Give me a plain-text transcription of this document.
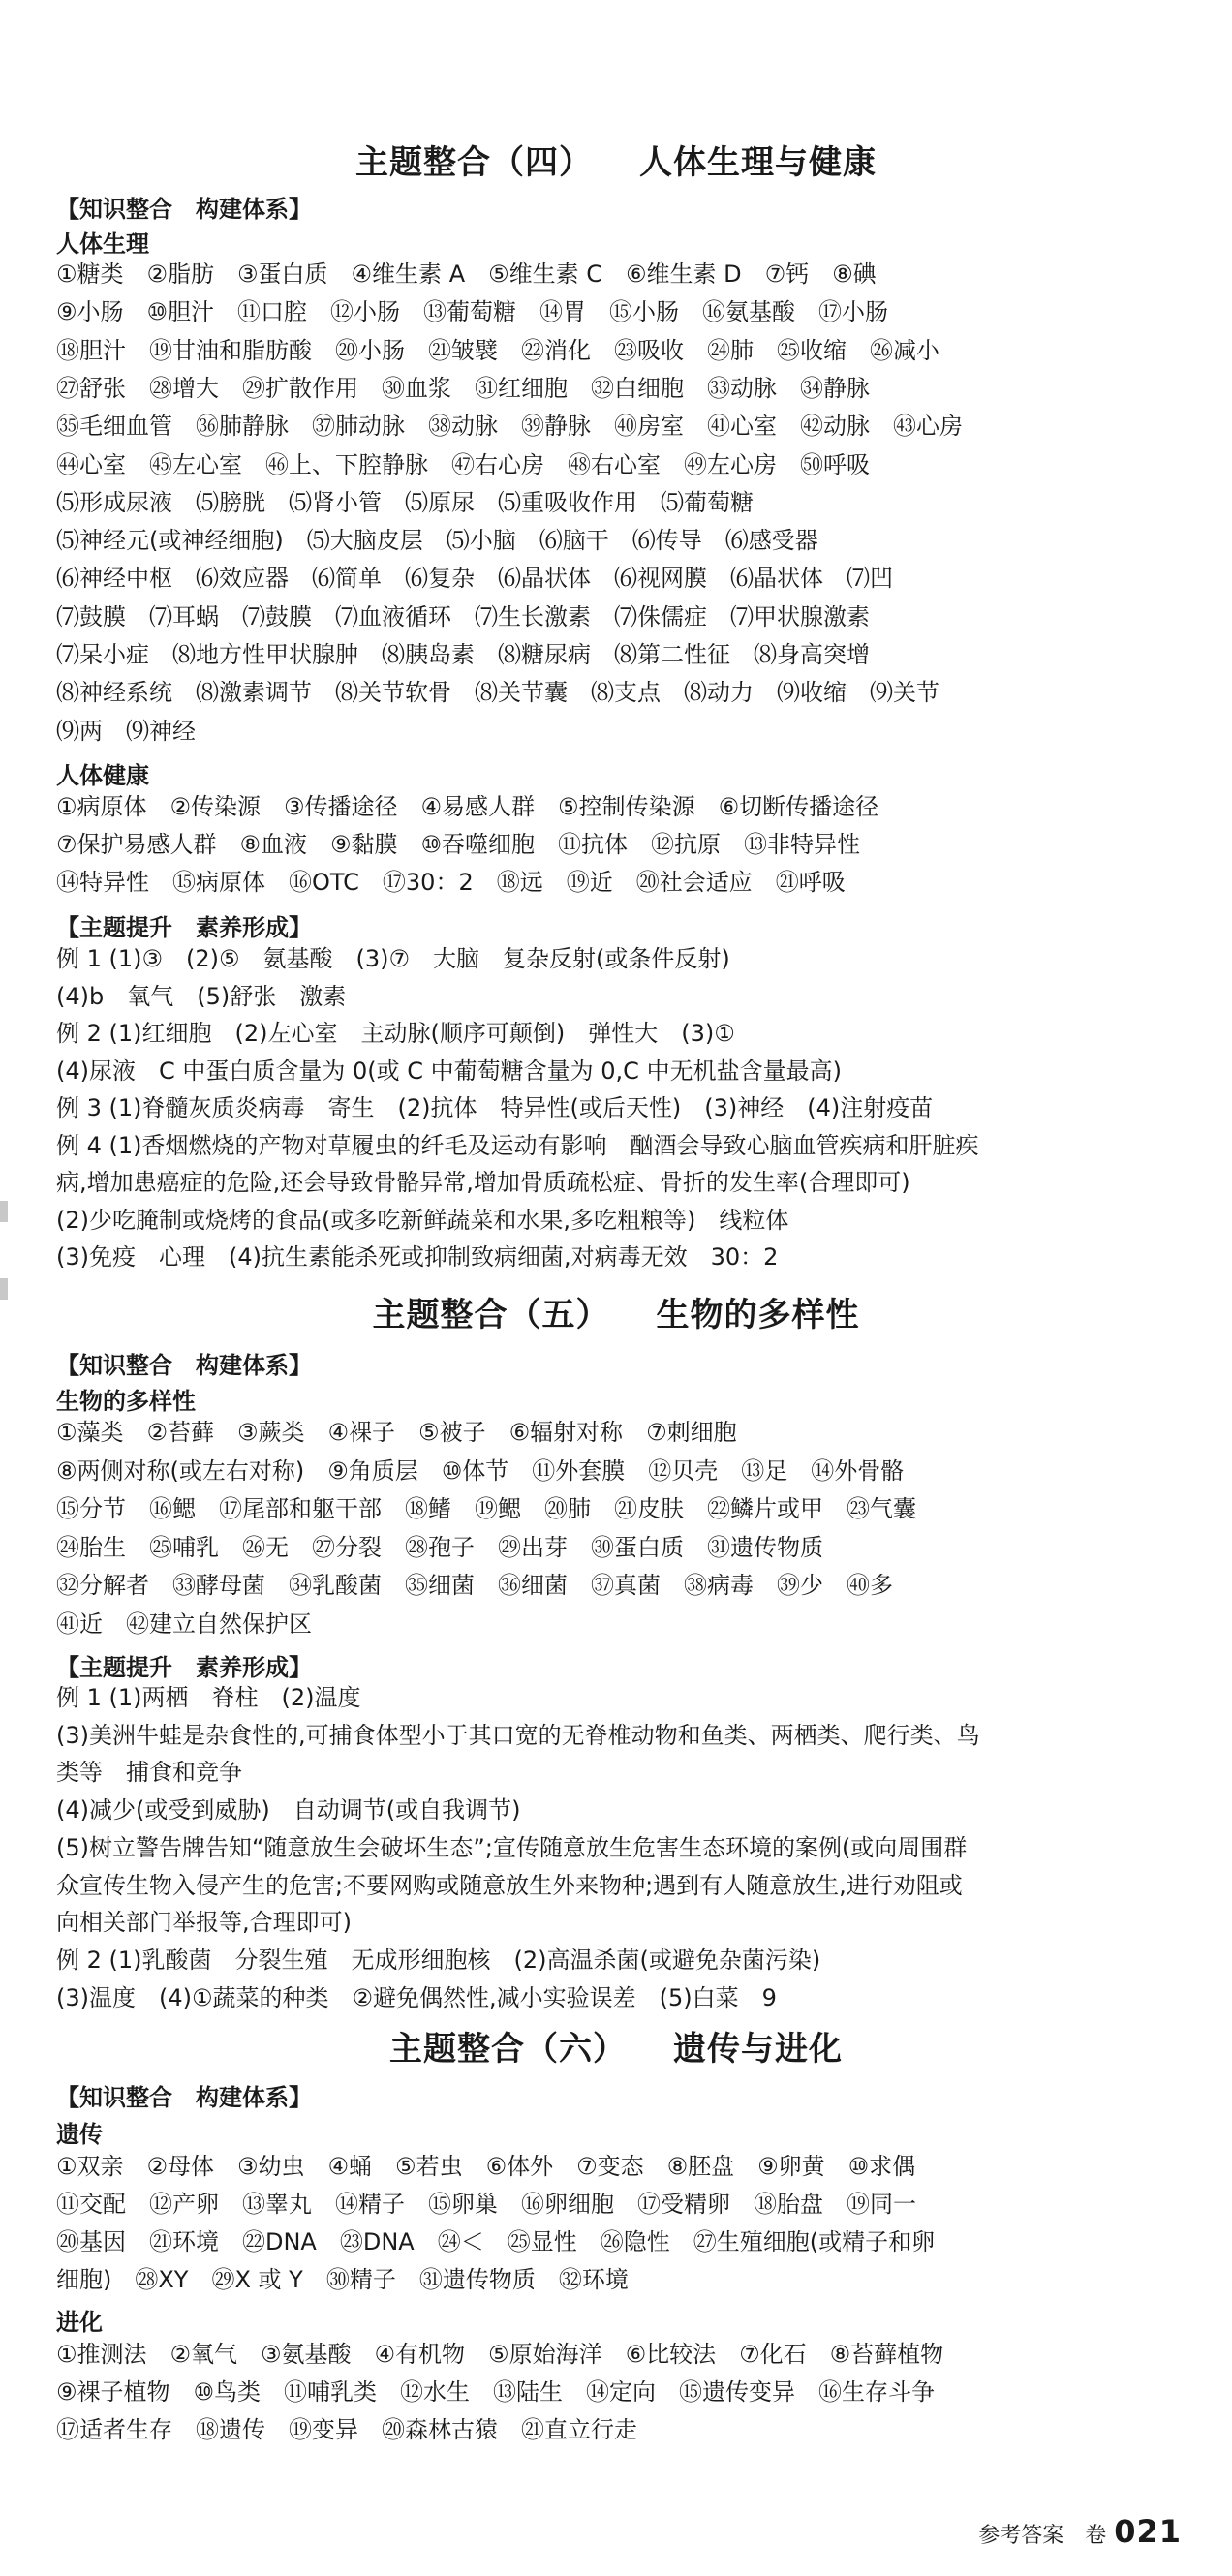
主题整合（四） 人体生理与健康
【知识整合　构建体系】
人体生理
①糖类　②脂肪　③蛋白质　④维生素 A　⑤维生素 C　⑥维生素 D　⑦钙　⑧碘
⑨小肠　⑩胆汁　⑪口腔　⑫小肠　⑬葡萄糖　⑭胃　⑮小肠　⑯氨基酸　⑰小肠
⑱胆汁　⑲甘油和脂肪酸　⑳小肠　㉑皱襞　㉒消化　㉓吸收　㉔肺　㉕收缩　㉖减小
㉗舒张　㉘增大　㉙扩散作用　㉚血浆　㉛红细胞　㉜白细胞　㉝动脉　㉞静脉
㉟毛细血管　㊱肺静脉　㊲肺动脉　㊳动脉　㊴静脉　㊵房室　㊶心室　㊷动脉　㊸心房
㊹心室　㊺左心室　㊻上、下腔静脉　㊼右心房　㊽右心室　㊾左心房　㊿呼吸
⑸形成尿液　⑸膀胱　⑸肾小管　⑸原尿　⑸重吸收作用　⑸葡萄糖
⑸神经元(或神经细胞)　⑸大脑皮层　⑸小脑　⑹脑干　⑹传导　⑹感受器
⑹神经中枢　⑹效应器　⑹简单　⑹复杂　⑹晶状体　⑹视网膜　⑹晶状体　⑺凹
⑺鼓膜　⑺耳蜗　⑺鼓膜　⑺血液循环　⑺生长激素　⑺侏儒症　⑺甲状腺激素
⑺呆小症　⑻地方性甲状腺肿　⑻胰岛素　⑻糖尿病　⑻第二性征　⑻身高突增
⑻神经系统　⑻激素调节　⑻关节软骨　⑻关节囊　⑻支点　⑻动力　⑼收缩　⑼关节
⑼两　⑼神经
人体健康
①病原体　②传染源　③传播途径　④易感人群　⑤控制传染源　⑥切断传播途径
⑦保护易感人群　⑧血液　⑨黏膜　⑩吞噬细胞　⑪抗体　⑫抗原　⑬非特异性
⑭特异性　⑮病原体　⑯OTC　⑰30：2　⑱远　⑲近　⑳社会适应　㉑呼吸
【主题提升　素养形成】
例 1 (1)③　(2)⑤　氨基酸　(3)⑦　大脑　复杂反射(或条件反射)
(4)b　氧气　(5)舒张　激素
例 2 (1)红细胞　(2)左心室　主动脉(顺序可颠倒)　弹性大　(3)①
(4)尿液　C 中蛋白质含量为 0(或 C 中葡萄糖含量为 0,C 中无机盐含量最高)
例 3 (1)脊髓灰质炎病毒　寄生　(2)抗体　特异性(或后天性)　(3)神经　(4)注射疫苗
例 4 (1)香烟燃烧的产物对草履虫的纤毛及运动有影响　酗酒会导致心脑血管疾病和肝脏疾
病,增加患癌症的危险,还会导致骨骼异常,增加骨质疏松症、骨折的发生率(合理即可)
(2)少吃腌制或烧烤的食品(或多吃新鲜蔬菜和水果,多吃粗粮等)　线粒体
(3)免疫　心理　(4)抗生素能杀死或抑制致病细菌,对病毒无效　30：2
主题整合（五） 生物的多样性
【知识整合　构建体系】
生物的多样性
①藻类　②苔藓　③蕨类　④裸子　⑤被子　⑥辐射对称　⑦刺细胞
⑧两侧对称(或左右对称)　⑨角质层　⑩体节　⑪外套膜　⑫贝壳　⑬足　⑭外骨骼
⑮分节　⑯鳃　⑰尾部和躯干部　⑱鳍　⑲鳃　⑳肺　㉑皮肤　㉒鳞片或甲　㉓气囊
㉔胎生　㉕哺乳　㉖无　㉗分裂　㉘孢子　㉙出芽　㉚蛋白质　㉛遗传物质
㉜分解者　㉝酵母菌　㉞乳酸菌　㉟细菌　㊱细菌　㊲真菌　㊳病毒　㊴少　㊵多
㊶近　㊷建立自然保护区
【主题提升　素养形成】
例 1 (1)两栖　脊柱　(2)温度
(3)美洲牛蛙是杂食性的,可捕食体型小于其口宽的无脊椎动物和鱼类、两栖类、爬行类、鸟
类等　捕食和竞争
(4)减少(或受到威胁)　自动调节(或自我调节)
(5)树立警告牌告知“随意放生会破坏生态”;宣传随意放生危害生态环境的案例(或向周围群
众宣传生物入侵产生的危害;不要网购或随意放生外来物种;遇到有人随意放生,进行劝阻或
向相关部门举报等,合理即可)
例 2 (1)乳酸菌　分裂生殖　无成形细胞核　(2)高温杀菌(或避免杂菌污染)
(3)温度　(4)①蔬菜的种类　②避免偶然性,减小实验误差　(5)白菜　9
主题整合（六） 遗传与进化
【知识整合　构建体系】
遗传
①双亲　②母体　③幼虫　④蛹　⑤若虫　⑥体外　⑦变态　⑧胚盘　⑨卵黄　⑩求偶
⑪交配　⑫产卵　⑬睾丸　⑭精子　⑮卵巢　⑯卵细胞　⑰受精卵　⑱胎盘　⑲同一
⑳基因　㉑环境　㉒DNA　㉓DNA　㉔＜　㉕显性　㉖隐性　㉗生殖细胞(或精子和卵
细胞)　㉘XY　㉙X 或 Y　㉚精子　㉛遗传物质　㉜环境
进化
①推测法　②氧气　③氨基酸　④有机物　⑤原始海洋　⑥比较法　⑦化石　⑧苔藓植物
⑨裸子植物　⑩鸟类　⑪哺乳类　⑫水生　⑬陆生　⑭定向　⑮遗传变异　⑯生存斗争
⑰适者生存　⑱遗传　⑲变异　⑳森林古猿　㉑直立行走
参考答案　卷 021
